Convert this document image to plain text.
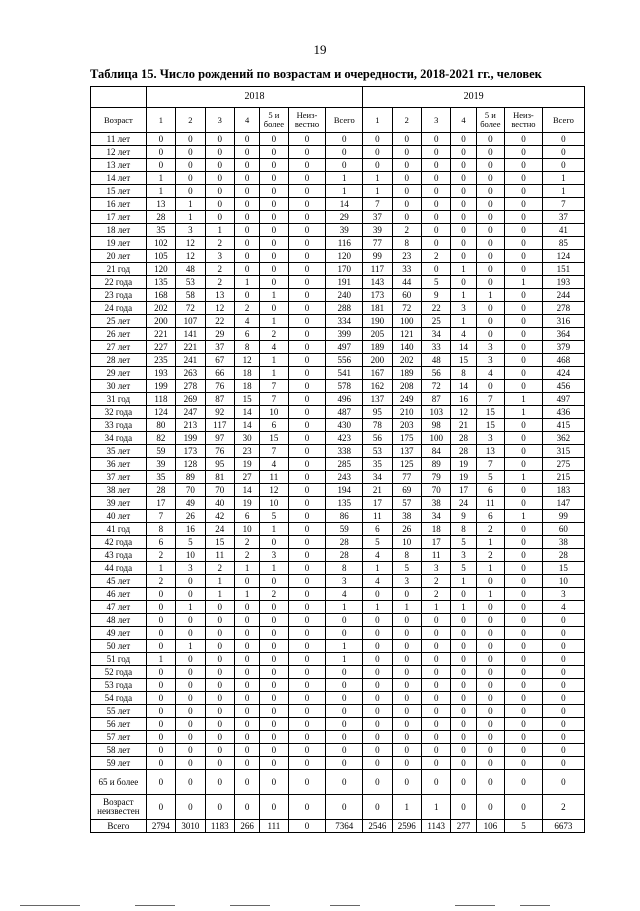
19
Таблица 15. Число рождений по возрастам и очередности, 2018-2021 гг., человек
	2018							2019						
Возраст	1	2	3	4	5 и более	Неиз-вестно	Всего	1	2	3	4	5 и более	Неиз-вестно	Всего
11 лет	0	0	0	0	0	0	0	0	0	0	0	0	0	0
12 лет	0	0	0	0	0	0	0	0	0	0	0	0	0	0
13 лет	0	0	0	0	0	0	0	0	0	0	0	0	0	0
14 лет	1	0	0	0	0	0	1	1	0	0	0	0	0	1
15 лет	1	0	0	0	0	0	1	1	0	0	0	0	0	1
16 лет	13	1	0	0	0	0	14	7	0	0	0	0	0	7
17 лет	28	1	0	0	0	0	29	37	0	0	0	0	0	37
18 лет	35	3	1	0	0	0	39	39	2	0	0	0	0	41
19 лет	102	12	2	0	0	0	116	77	8	0	0	0	0	85
20 лет	105	12	3	0	0	0	120	99	23	2	0	0	0	124
21 год	120	48	2	0	0	0	170	117	33	0	1	0	0	151
22 года	135	53	2	1	0	0	191	143	44	5	0	0	1	193
23 года	168	58	13	0	1	0	240	173	60	9	1	1	0	244
24 года	202	72	12	2	0	0	288	181	72	22	3	0	0	278
25 лет	200	107	22	4	1	0	334	190	100	25	1	0	0	316
26 лет	221	141	29	6	2	0	399	205	121	34	4	0	0	364
27 лет	227	221	37	8	4	0	497	189	140	33	14	3	0	379
28 лет	235	241	67	12	1	0	556	200	202	48	15	3	0	468
29 лет	193	263	66	18	1	0	541	167	189	56	8	4	0	424
30 лет	199	278	76	18	7	0	578	162	208	72	14	0	0	456
31 год	118	269	87	15	7	0	496	137	249	87	16	7	1	497
32 года	124	247	92	14	10	0	487	95	210	103	12	15	1	436
33 года	80	213	117	14	6	0	430	78	203	98	21	15	0	415
34 года	82	199	97	30	15	0	423	56	175	100	28	3	0	362
35 лет	59	173	76	23	7	0	338	53	137	84	28	13	0	315
36 лет	39	128	95	19	4	0	285	35	125	89	19	7	0	275
37 лет	35	89	81	27	11	0	243	34	77	79	19	5	1	215
38 лет	28	70	70	14	12	0	194	21	69	70	17	6	0	183
39 лет	17	49	40	19	10	0	135	17	57	38	24	11	0	147
40 лет	7	26	42	6	5	0	86	11	38	34	9	6	1	99
41 год	8	16	24	10	1	0	59	6	26	18	8	2	0	60
42 года	6	5	15	2	0	0	28	5	10	17	5	1	0	38
43 года	2	10	11	2	3	0	28	4	8	11	3	2	0	28
44 года	1	3	2	1	1	0	8	1	5	3	5	1	0	15
45 лет	2	0	1	0	0	0	3	4	3	2	1	0	0	10
46 лет	0	0	1	1	2	0	4	0	0	2	0	1	0	3
47 лет	0	1	0	0	0	0	1	1	1	1	1	0	0	4
48 лет	0	0	0	0	0	0	0	0	0	0	0	0	0	0
49 лет	0	0	0	0	0	0	0	0	0	0	0	0	0	0
50 лет	0	1	0	0	0	0	1	0	0	0	0	0	0	0
51 год	1	0	0	0	0	0	1	0	0	0	0	0	0	0
52 года	0	0	0	0	0	0	0	0	0	0	0	0	0	0
53 года	0	0	0	0	0	0	0	0	0	0	0	0	0	0
54 года	0	0	0	0	0	0	0	0	0	0	0	0	0	0
55 лет	0	0	0	0	0	0	0	0	0	0	0	0	0	0
56 лет	0	0	0	0	0	0	0	0	0	0	0	0	0	0
57 лет	0	0	0	0	0	0	0	0	0	0	0	0	0	0
58 лет	0	0	0	0	0	0	0	0	0	0	0	0	0	0
59 лет	0	0	0	0	0	0	0	0	0	0	0	0	0	0
65 и более	0	0	0	0	0	0	0	0	0	0	0	0	0	0
Возраст неизвестен	0	0	0	0	0	0	0	0	1	1	0	0	0	2
Всего	2794	3010	1183	266	111	0	7364	2546	2596	1143	277	106	5	6673
